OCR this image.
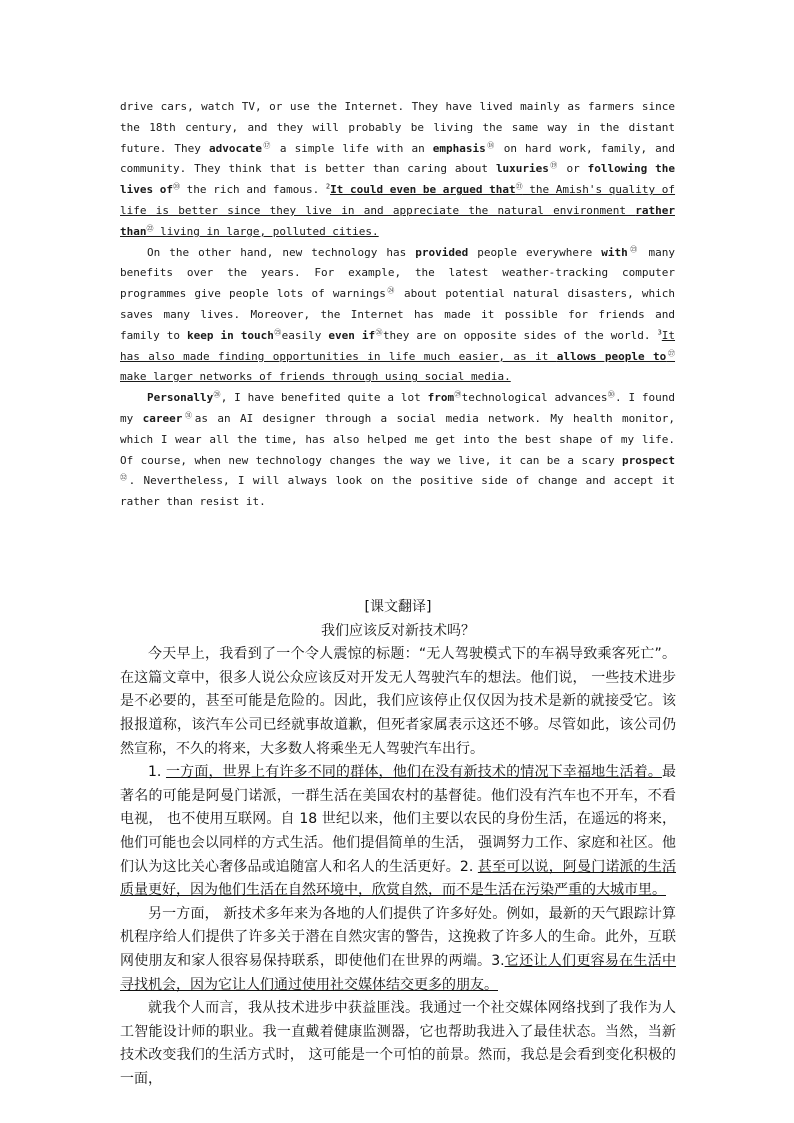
drive cars, watch TV, or use the Internet. They have lived mainly as farmers since the 18th century, and they will probably be living the same way in the distant future. They advocate⑰ a simple life with an emphasis⑱ on hard work, family, and community. They think that is better than caring about luxuries⑲ or following the lives of⑳ the rich and famous. $^2$It could even be argued that$^㉑$ the Amish's quality of life is better since they live in and appreciate the natural environment rather than$^㉒$ living in large, polluted cities.

On the other hand, new technology has provided people everywhere with$^㉓$ many benefits over the years. For example, the latest weather-tracking computer programmes give people lots of warnings$^㉔$ about potential natural disasters, which saves many lives. Moreover, the Internet has made it possible for friends and family to keep in touch$^㉕$easily even $if^㉖they$ are on opposite sides of the world. $^3$It has also made finding opportunities in life much easier, as it allows people $to^㉗$ make larger networks of friends through using social media.

Personally$^㉘$, I have benefited quite a lot from$^㉙$technological advances$^㉚$. I found my career$^㉛$as an AI designer through a social media network. My health monitor, which I wear all the time, has also helped me get into the best shape of my life. Of course, when new technology changes the way we live, it can be a scary prospect$^㉜$. Nevertheless, I will always look on the positive side of change and accept it rather than resist it.

[课文翻译]

我们应该反对新技术吗？

今天早上，我看到了一个令人震惊的标题：“无人驾驶模式下的车祸导致乘客死亡”。在这篇文章中，很多人说公众应该反对开发无人驾驶汽车的想法。他们说， 一些技术进步是不必要的，甚至可能是危险的。因此，我们应该停止仅仅因为技术是新的就接受它。该报报道称，该汽车公司已经就事故道歉，但死者家属表示这还不够。尽管如此，该公司仍然宣称，不久的将来，大多数人将乘坐无人驾驶汽车出行。

1. 一方面，世界上有许多不同的群体，他们在没有新技术的情况下幸福地生活着。最著名的可能是阿曼门诺派，一群生活在美国农村的基督徒。他们没有汽车也不开车，不看电视， 也不使用互联网。自 18 世纪以来，他们主要以农民的身份生活，在遥远的将来，他们可能也会以同样的方式生活。他们提倡简单的生活， 强调努力工作、家庭和社区。他们认为这比关心奢侈品或追随富人和名人的生活更好。2. 甚至可以说，阿曼门诺派的生活质量更好，因为他们生活在自然环境中，欣赏自然，而不是生活在污染严重的大城市里。

另一方面， 新技术多年来为各地的人们提供了许多好处。例如，最新的天气跟踪计算机程序给人们提供了许多关于潜在自然灾害的警告，这挽救了许多人的生命。此外，互联网使朋友和家人很容易保持联系，即使他们在世界的两端。3.它还让人们更容易在生活中寻找机会，因为它让人们通过使用社交媒体结交更多的朋友。

就我个人而言，我从技术进步中获益匪浅。我通过一个社交媒体网络找到了我作为人工智能设计师的职业。我一直戴着健康监测器，它也帮助我进入了最佳状态。当然，当新技术改变我们的生活方式时， 这可能是一个可怕的前景。然而，我总是会看到变化积极的一面，
